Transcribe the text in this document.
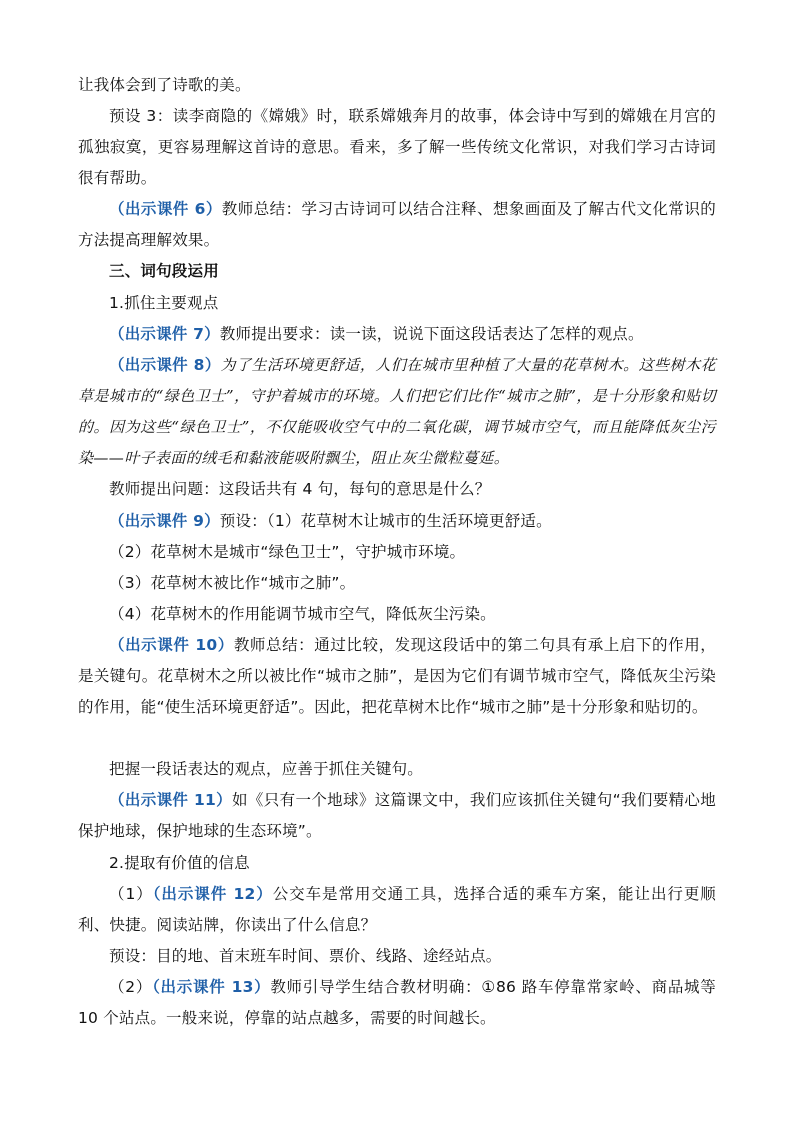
让我体会到了诗歌的美。

预设 3：读李商隐的《嫦娥》时，联系嫦娥奔月的故事，体会诗中写到的嫦娥在月宫的孤独寂寞，更容易理解这首诗的意思。看来，多了解一些传统文化常识，对我们学习古诗词很有帮助。

（出示课件 6）教师总结：学习古诗词可以结合注释、想象画面及了解古代文化常识的方法提高理解效果。

三、词句段运用

1.抓住主要观点

（出示课件 7）教师提出要求：读一读，说说下面这段话表达了怎样的观点。

（出示课件 8）为了生活环境更舒适，人们在城市里种植了大量的花草树木。这些树木花草是城市的“绿色卫士”，守护着城市的环境。人们把它们比作“城市之肺”，是十分形象和贴切的。因为这些“绿色卫士”，不仅能吸收空气中的二氧化碳，调节城市空气，而且能降低灰尘污染——叶子表面的绒毛和黏液能吸附飘尘，阻止灰尘微粒蔓延。

教师提出问题：这段话共有 4 句，每句的意思是什么？

（出示课件 9）预设：（1）花草树木让城市的生活环境更舒适。

（2）花草树木是城市“绿色卫士”，守护城市环境。

（3）花草树木被比作“城市之肺”。

（4）花草树木的作用能调节城市空气，降低灰尘污染。

（出示课件 10）教师总结：通过比较，发现这段话中的第二句具有承上启下的作用，是关键句。花草树木之所以被比作“城市之肺”，是因为它们有调节城市空气，降低灰尘污染的作用，能“使生活环境更舒适”。因此，把花草树木比作“城市之肺”是十分形象和贴切的。

把握一段话表达的观点，应善于抓住关键句。

（出示课件 11）如《只有一个地球》这篇课文中，我们应该抓住关键句“我们要精心地保护地球，保护地球的生态环境”。

2.提取有价值的信息

（1）（出示课件 12）公交车是常用交通工具，选择合适的乘车方案，能让出行更顺利、快捷。阅读站牌，你读出了什么信息？

预设：目的地、首末班车时间、票价、线路、途经站点。

（2）（出示课件 13）教师引导学生结合教材明确：①86 路车停靠常家岭、商品城等 10 个站点。一般来说，停靠的站点越多，需要的时间越长。
